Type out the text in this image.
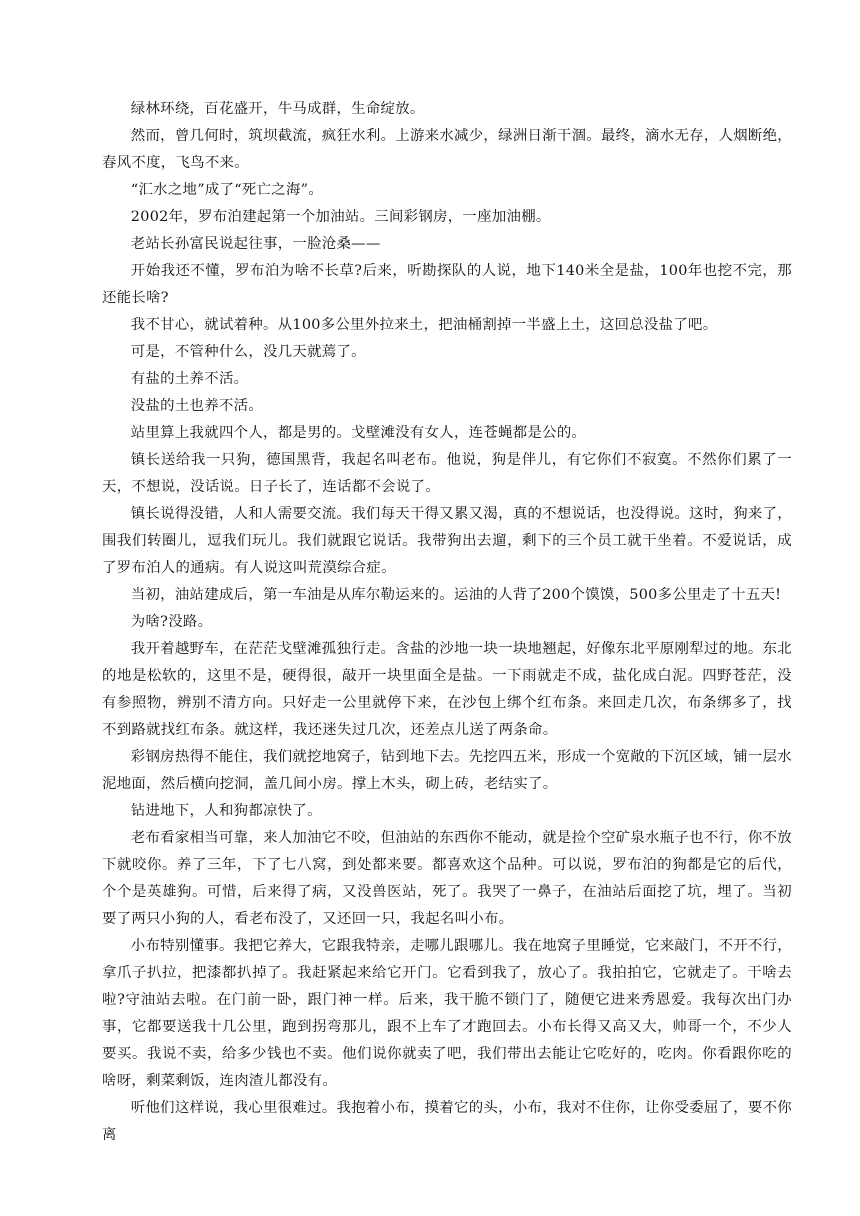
绿林环绕，百花盛开，牛马成群，生命绽放。

然而，曾几何时，筑坝截流，疯狂水利。上游来水减少，绿洲日渐干涸。最终，滴水无存，人烟断绝，春风不度，飞鸟不来。

“汇水之地”成了“死亡之海”。

2002年，罗布泊建起第一个加油站。三间彩钢房，一座加油棚。

老站长孙富民说起往事，一脸沧桑——

开始我还不懂，罗布泊为啥不长草?后来，听勘探队的人说，地下140米全是盐，100年也挖不完，那还能长啥?

我不甘心，就试着种。从100多公里外拉来土，把油桶割掉一半盛上土，这回总没盐了吧。

可是，不管种什么，没几天就蔫了。

有盐的土养不活。

没盐的土也养不活。

站里算上我就四个人，都是男的。戈壁滩没有女人，连苍蝇都是公的。

镇长送给我一只狗，德国黑背，我起名叫老布。他说，狗是伴儿，有它你们不寂寞。不然你们累了一天，不想说，没话说。日子长了，连话都不会说了。

镇长说得没错，人和人需要交流。我们每天干得又累又渴，真的不想说话，也没得说。这时，狗来了，围我们转圈儿，逗我们玩儿。我们就跟它说话。我带狗出去遛，剩下的三个员工就干坐着。不爱说话，成了罗布泊人的通病。有人说这叫荒漠综合症。

当初，油站建成后，第一车油是从库尔勒运来的。运油的人背了200个馍馍，500多公里走了十五天!

为啥?没路。

我开着越野车，在茫茫戈壁滩孤独行走。含盐的沙地一块一块地翘起，好像东北平原刚犁过的地。东北的地是松软的，这里不是，硬得很，敲开一块里面全是盐。一下雨就走不成，盐化成白泥。四野苍茫，没有参照物，辨别不清方向。只好走一公里就停下来，在沙包上绑个红布条。来回走几次，布条绑多了，找不到路就找红布条。就这样，我还迷失过几次，还差点儿送了两条命。

彩钢房热得不能住，我们就挖地窝子，钻到地下去。先挖四五米，形成一个宽敞的下沉区域，铺一层水泥地面，然后横向挖洞，盖几间小房。撑上木头，砌上砖，老结实了。

钻进地下，人和狗都凉快了。

老布看家相当可靠，来人加油它不咬，但油站的东西你不能动，就是捡个空矿泉水瓶子也不行，你不放下就咬你。养了三年，下了七八窝，到处都来要。都喜欢这个品种。可以说，罗布泊的狗都是它的后代，个个是英雄狗。可惜，后来得了病，又没兽医站，死了。我哭了一鼻子，在油站后面挖了坑，埋了。当初要了两只小狗的人，看老布没了，又还回一只，我起名叫小布。

小布特别懂事。我把它养大，它跟我特亲，走哪儿跟哪儿。我在地窝子里睡觉，它来敲门，不开不行，拿爪子扒拉，把漆都扒掉了。我赶紧起来给它开门。它看到我了，放心了。我拍拍它，它就走了。干啥去啦?守油站去啦。在门前一卧，跟门神一样。后来，我干脆不锁门了，随便它进来秀恩爱。我每次出门办事，它都要送我十几公里，跑到拐弯那儿，跟不上车了才跑回去。小布长得又高又大，帅哥一个，不少人要买。我说不卖，给多少钱也不卖。他们说你就卖了吧，我们带出去能让它吃好的，吃肉。你看跟你吃的啥呀，剩菜剩饭，连肉渣儿都没有。

听他们这样说，我心里很难过。我抱着小布，摸着它的头，小布，我对不住你，让你受委屈了，要不你离
